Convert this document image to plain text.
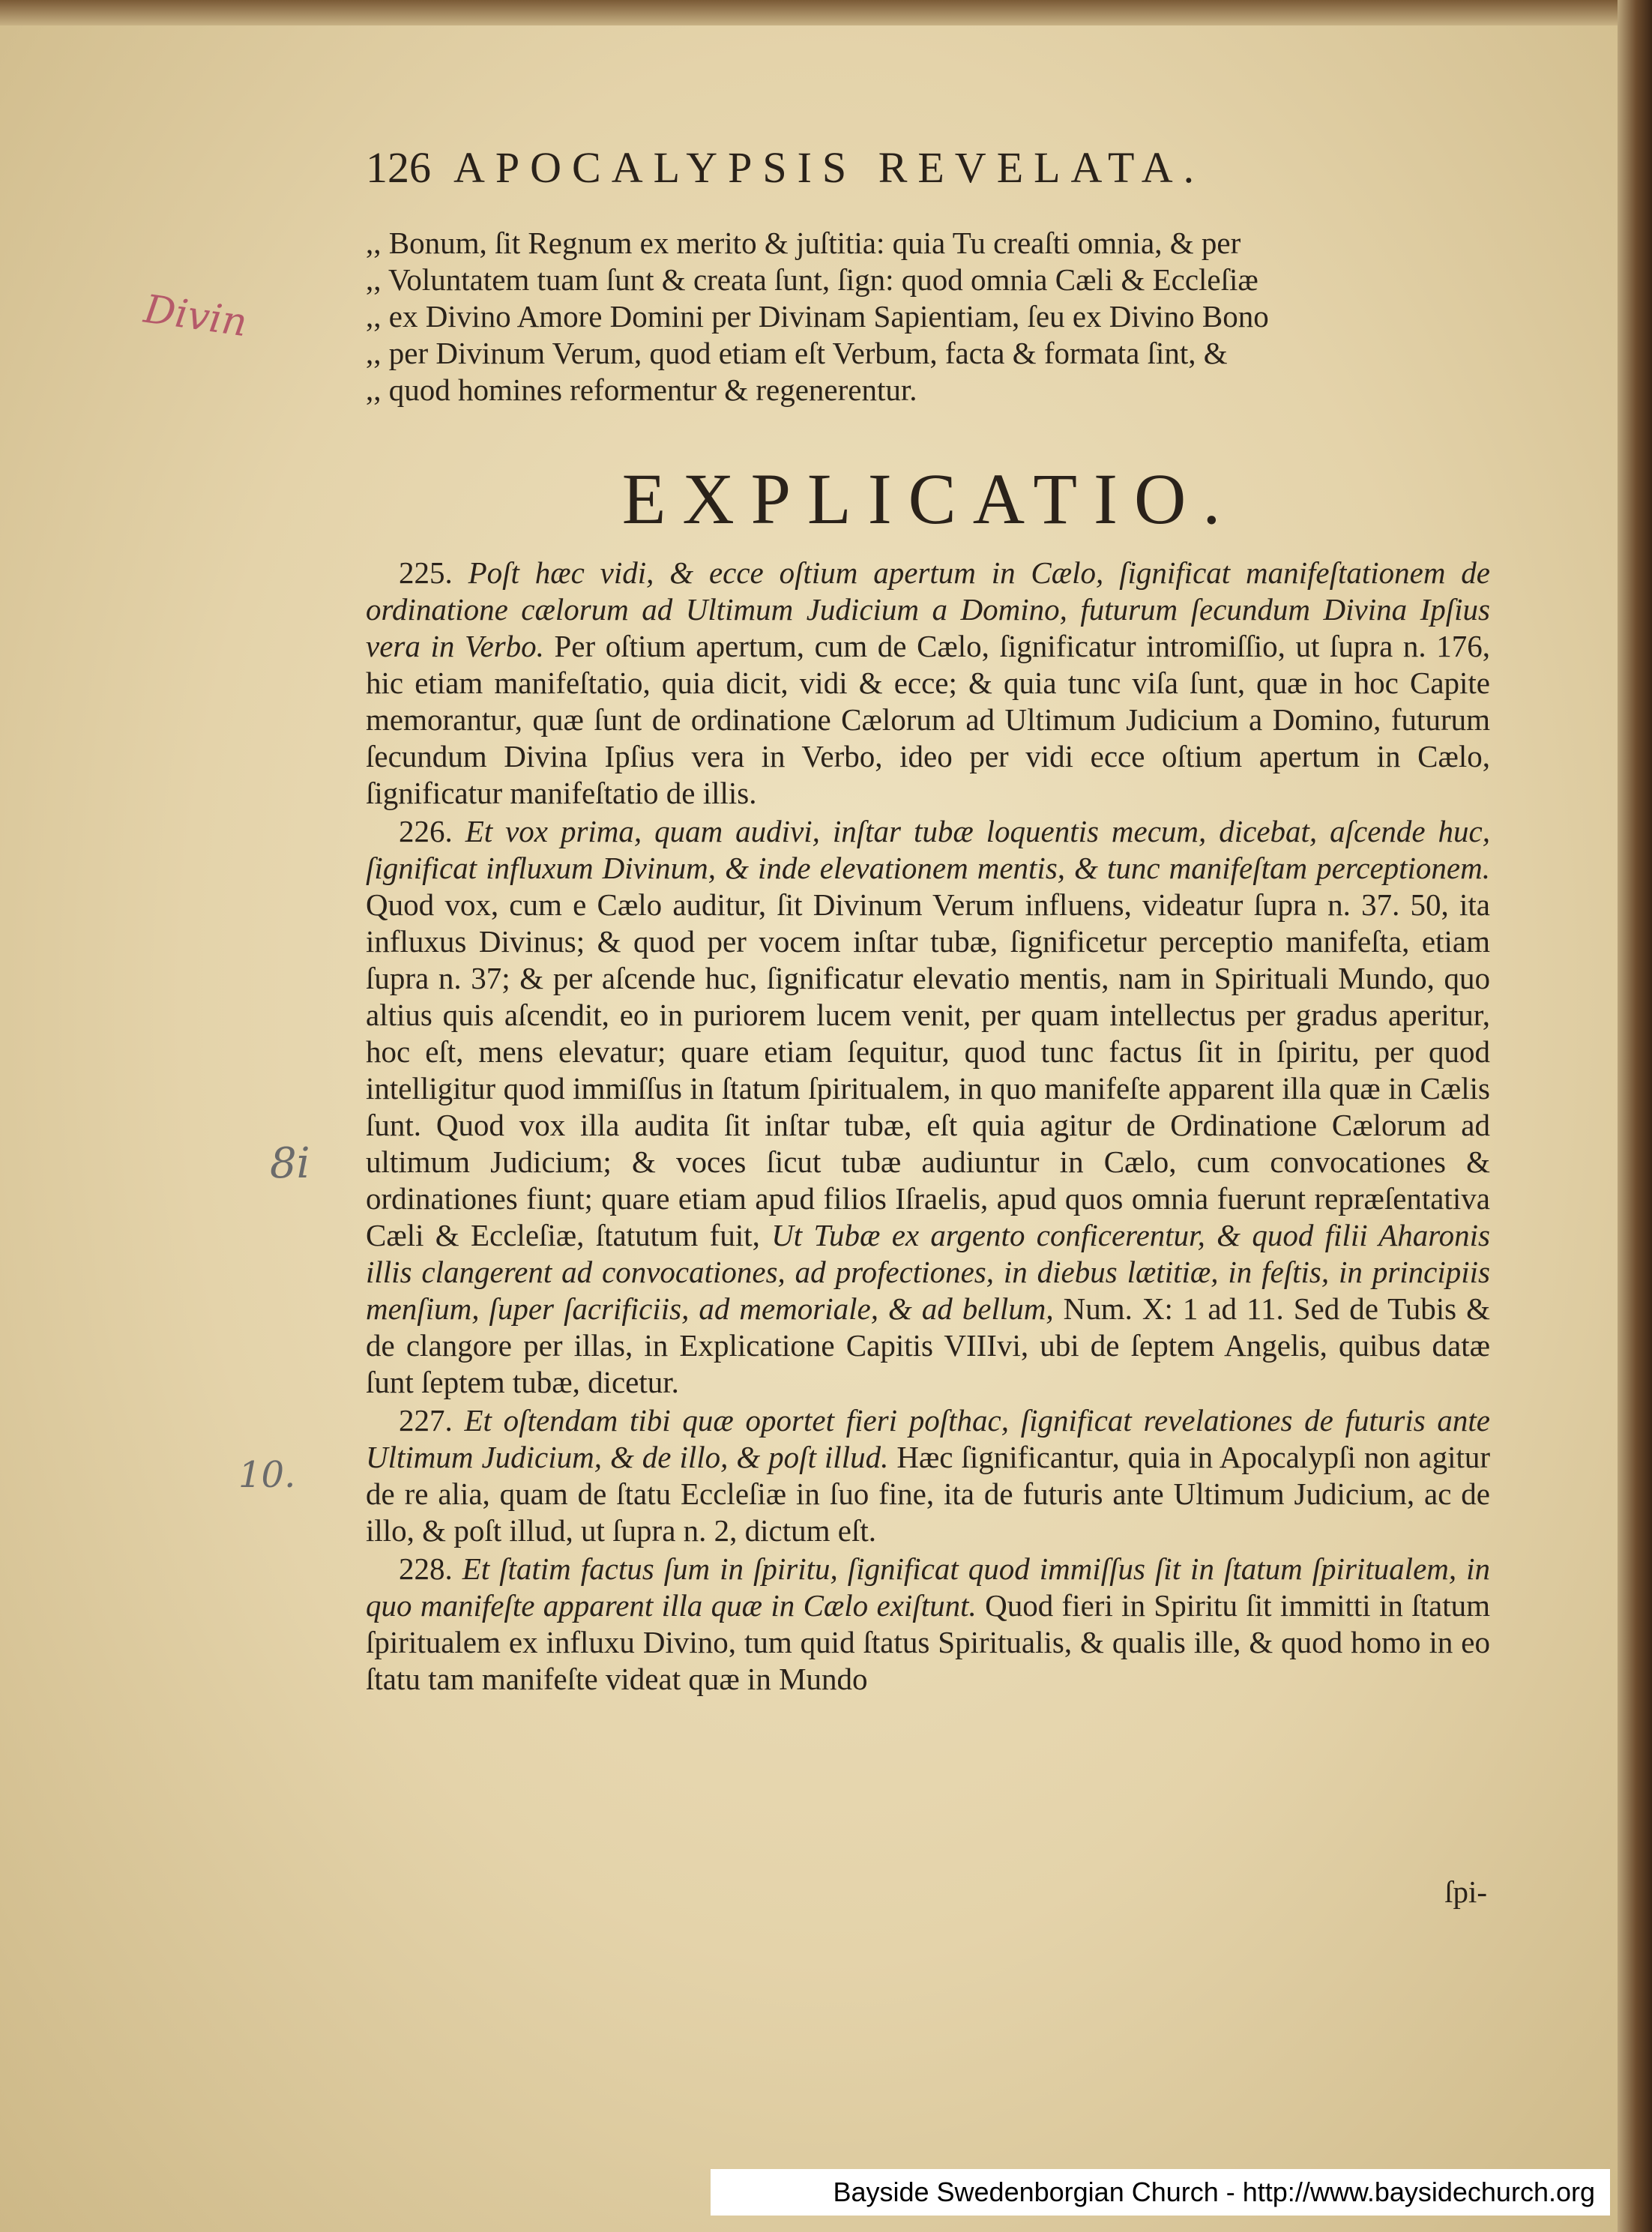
Divin
8i
10.
126 APOCALYPSIS REVELATA.

,, Bonum, ſit Regnum ex merito & juſtitia: quia Tu creaſti omnia, & per

,, Voluntatem tuam ſunt & creata ſunt, ſign: quod omnia Cæli & Eccleſiæ

,, ex Divino Amore Domini per Divinam Sapientiam, ſeu ex Divino Bono

,, per Divinum Verum, quod etiam eſt Verbum, facta & formata ſint, &

,, quod homines reformentur & regenerentur.

EXPLICATIO.

225. Poſt hæc vidi, & ecce oſtium apertum in Cælo, ſignificat manifeſtationem de ordinatione cælorum ad Ultimum Judicium a Domino, futurum ſecundum Divina Ipſius vera in Verbo. Per oſtium apertum, cum de Cælo, ſignificatur intromiſſio, ut ſupra n. 176, hic etiam manifeſtatio, quia dicit, vidi & ecce; & quia tunc viſa ſunt, quæ in hoc Capite memorantur, quæ ſunt de ordinatione Cælorum ad Ultimum Judicium a Domino, futurum ſecundum Divina Ipſius vera in Verbo, ideo per vidi ecce oſtium apertum in Cælo, ſignificatur manifeſtatio de illis.

226. Et vox prima, quam audivi, inſtar tubæ loquentis mecum, dicebat, aſcende huc, ſignificat influxum Divinum, & inde elevationem mentis, & tunc manifeſtam perceptionem. Quod vox, cum e Cælo auditur, ſit Divinum Verum influens, videatur ſupra n. 37. 50, ita influxus Divinus; & quod per vocem inſtar tubæ, ſignificetur perceptio manifeſta, etiam ſupra n. 37; & per aſcende huc, ſignificatur elevatio mentis, nam in Spirituali Mundo, quo altius quis aſcendit, eo in puriorem lucem venit, per quam intellectus per gradus aperitur, hoc eſt, mens elevatur; quare etiam ſequitur, quod tunc factus ſit in ſpiritu, per quod intelligitur quod immiſſus in ſtatum ſpiritualem, in quo manifeſte apparent illa quæ in Cælis ſunt. Quod vox illa audita ſit inſtar tubæ, eſt quia agitur de Ordinatione Cælorum ad ultimum Judicium; & voces ſicut tubæ audiuntur in Cælo, cum convocationes & ordinationes fiunt; quare etiam apud filios Iſraelis, apud quos omnia fuerunt repræſentativa Cæli & Eccleſiæ, ſtatutum fuit, Ut Tubæ ex argento conficerentur, & quod filii Aharonis illis clangerent ad convocationes, ad profectiones, in diebus lætitiæ, in feſtis, in principiis menſium, ſuper ſacrificiis, ad memoriale, & ad bellum, Num. X: 1 ad 11. Sed de Tubis & de clangore per illas, in Explicatione Capitis VIIIvi, ubi de ſeptem Angelis, quibus datæ ſunt ſeptem tubæ, dicetur.

227. Et oſtendam tibi quæ oportet fieri poſthac, ſignificat revelationes de futuris ante Ultimum Judicium, & de illo, & poſt illud. Hæc ſignificantur, quia in Apocalypſi non agitur de re alia, quam de ſtatu Eccleſiæ in ſuo fine, ita de futuris ante Ultimum Judicium, ac de illo, & poſt illud, ut ſupra n. 2, dictum eſt.

228. Et ſtatim factus ſum in ſpiritu, ſignificat quod immiſſus ſit in ſtatum ſpiritualem, in quo manifeſte apparent illa quæ in Cælo exiſtunt. Quod fieri in Spiritu ſit immitti in ſtatum ſpiritualem ex influxu Divino, tum quid ſtatus Spiritualis, & qualis ille, & quod homo in eo ſtatu tam manifeſte videat quæ in Mundo

ſpi-
Bayside Swedenborgian Church - http://www.baysidechurch.org
